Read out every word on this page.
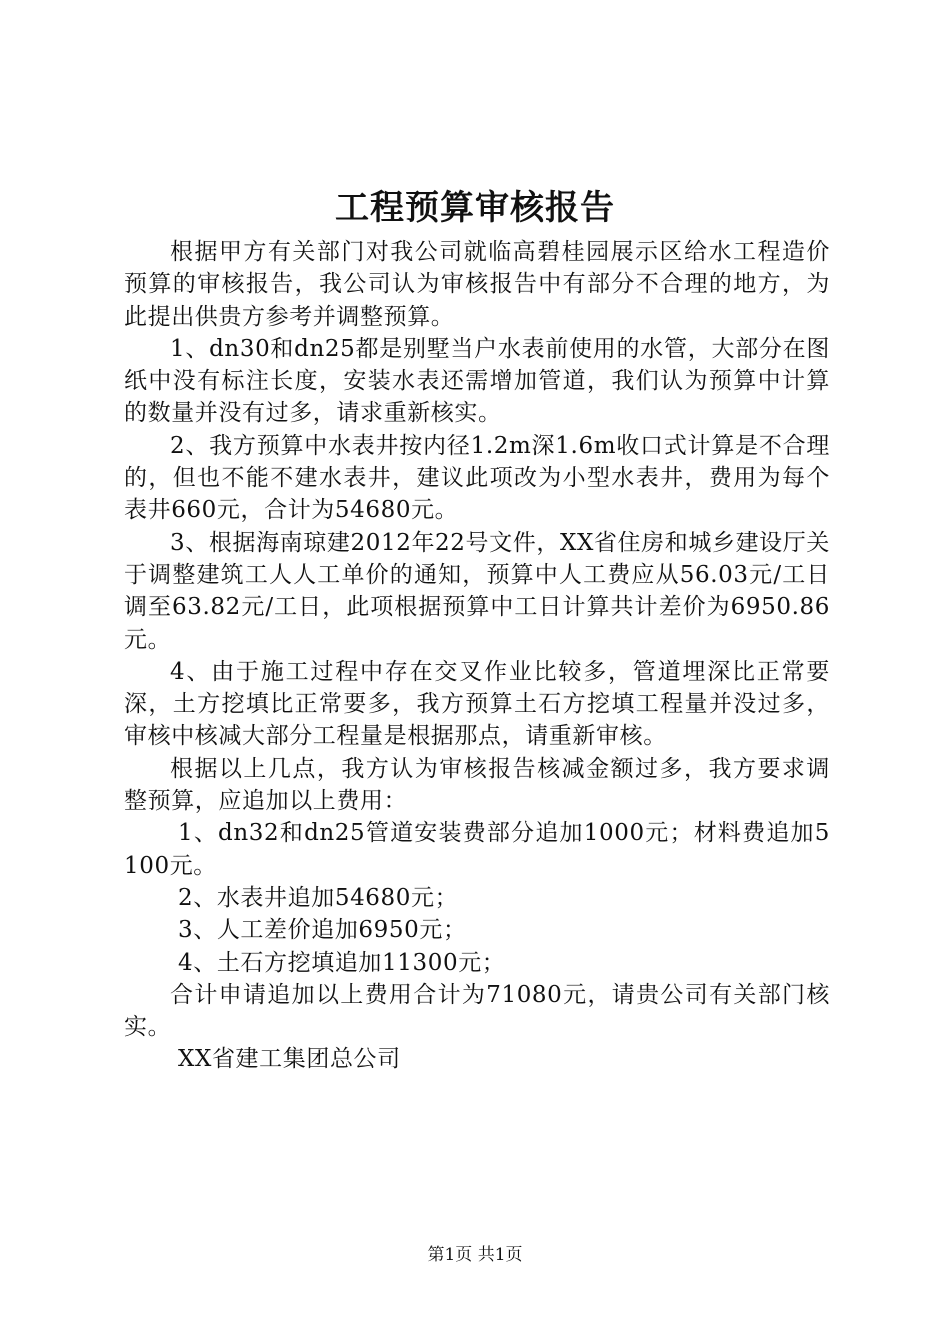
工程预算审核报告

根据甲方有关部门对我公司就临高碧桂园展示区给水工程造价预算的审核报告，我公司认为审核报告中有部分不合理的地方，为此提出供贵方参考并调整预算。

1、dn30和dn25都是别墅当户水表前使用的水管，大部分在图纸中没有标注长度，安装水表还需增加管道，我们认为预算中计算的数量并没有过多，请求重新核实。

2、我方预算中水表井按内径1.2m深1.6m收口式计算是不合理的，但也不能不建水表井，建议此项改为小型水表井，费用为每个表井660元，合计为54680元。

3、根据海南琼建2012年22号文件，XX省住房和城乡建设厅关于调整建筑工人人工单价的通知，预算中人工费应从56.03元/工日调至63.82元/工日，此项根据预算中工日计算共计差价为6950.86元。

4、由于施工过程中存在交叉作业比较多，管道埋深比正常要深，土方挖填比正常要多，我方预算土石方挖填工程量并没过多，审核中核减大部分工程量是根据那点，请重新审核。

根据以上几点，我方认为审核报告核减金额过多，我方要求调整预算，应追加以上费用：

1、dn32和dn25管道安装费部分追加1000元；材料费追加5100元。

2、水表井追加54680元；

3、人工差价追加6950元；

4、土石方挖填追加11300元；

合计申请追加以上费用合计为71080元，请贵公司有关部门核实。

XX省建工集团总公司

第1页 共1页
